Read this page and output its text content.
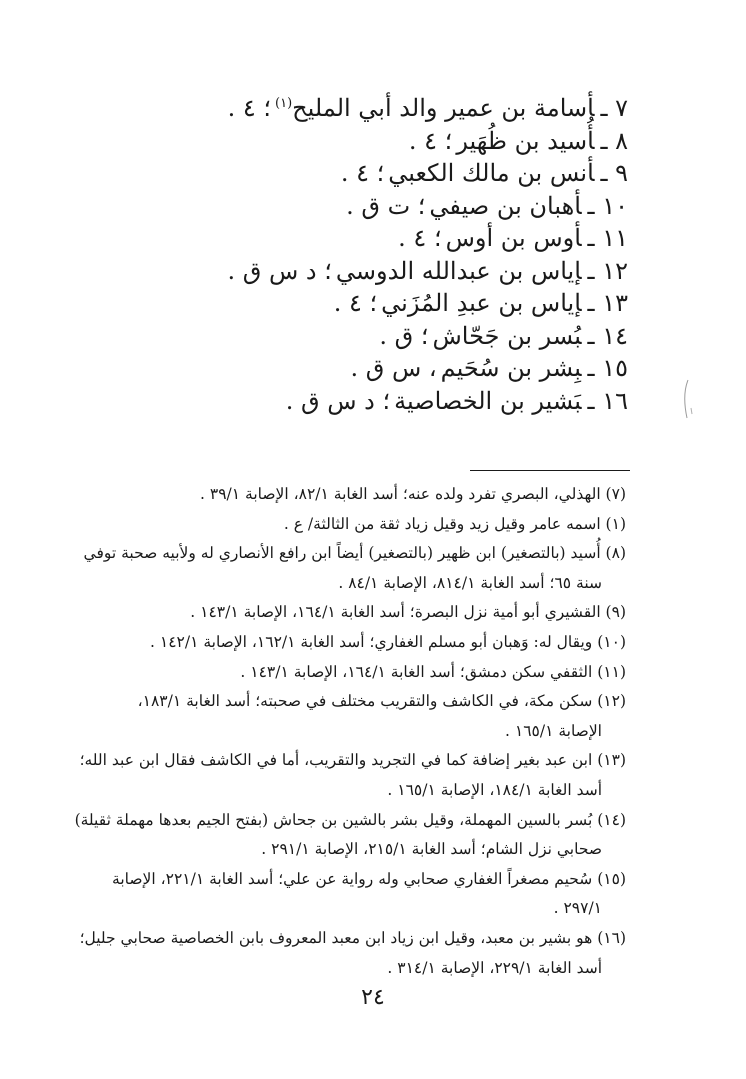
٧ ـأسامة بن عمير والد أبي المليح$^{(١)}$؛ ٤ .

٨ ـأُسيد بن ظُهَير؛ ٤ .

٩ ـأنس بن مالك الكعبي؛ ٤ .

١٠ ـأهبان بن صيفي؛ ت ق .

١١ ـأوس بن أوس؛ ٤ .

١٢ ـإياس بن عبدالله الدوسي؛ د س ق .

١٣ ـإياس بن عبدِ المُزَني؛ ٤ .

١٤ ـبُسر بن جَحّاش؛ ق .

١٥ ـبِشر بن سُحَيم، س ق .

١٦ ـبَشير بن الخصاصية؛ د س ق .

(٧) الهذلي، البصري تفرد ولده عنه؛ أسد الغابة ٨٢/١، الإصابة ٣٩/١ .

(١) اسمه عامر وقيل زيد وقيل زياد ثقة من الثالثة/ ع .

(٨) أُسيد (بالتصغير) ابن ظهير (بالتصغير) أيضاً ابن رافع الأنصاري له ولأبيه صحبة توفي
سنة ٦٥؛ أسد الغابة ٨١٤/١، الإصابة ٨٤/١ .

(٩) القشيري أبو أمية نزل البصرة؛ أسد الغابة ١٦٤/١، الإصابة ١٤٣/١ .

(١٠) ويقال له: وَهبان أبو مسلم الغفاري؛ أسد الغابة ١٦٢/١، الإصابة ١٤٢/١ .

(١١) الثقفي سكن دمشق؛ أسد الغابة ١٦٤/١، الإصابة ١٤٣/١ .

(١٢) سكن مكة، في الكاشف والتقريب مختلف في صحبته؛ أسد الغابة ١٨٣/١،
الإصابة ١٦٥/١ .

(١٣) ابن عبد بغير إضافة كما في التجريد والتقريب، أما في الكاشف فقال ابن عبد الله؛
أسد الغابة ١٨٤/١، الإصابة ١٦٥/١ .

(١٤) بُسر بالسين المهملة، وقيل بشر بالشين بن جحاش (بفتح الجيم بعدها مهملة ثقيلة)
صحابي نزل الشام؛ أسد الغابة ٢١٥/١، الإصابة ٢٩١/١ .

(١٥) سُحيم مصغراً الغفاري صحابي وله رواية عن علي؛ أسد الغابة ٢٢١/١، الإصابة
٢٩٧/١ .

(١٦) هو بشير بن معبد، وقيل ابن زياد ابن معبد المعروف بابن الخصاصية صحابي جليل؛
أسد الغابة ٢٢٩/١، الإصابة ٣١٤/١ .

٢٤
